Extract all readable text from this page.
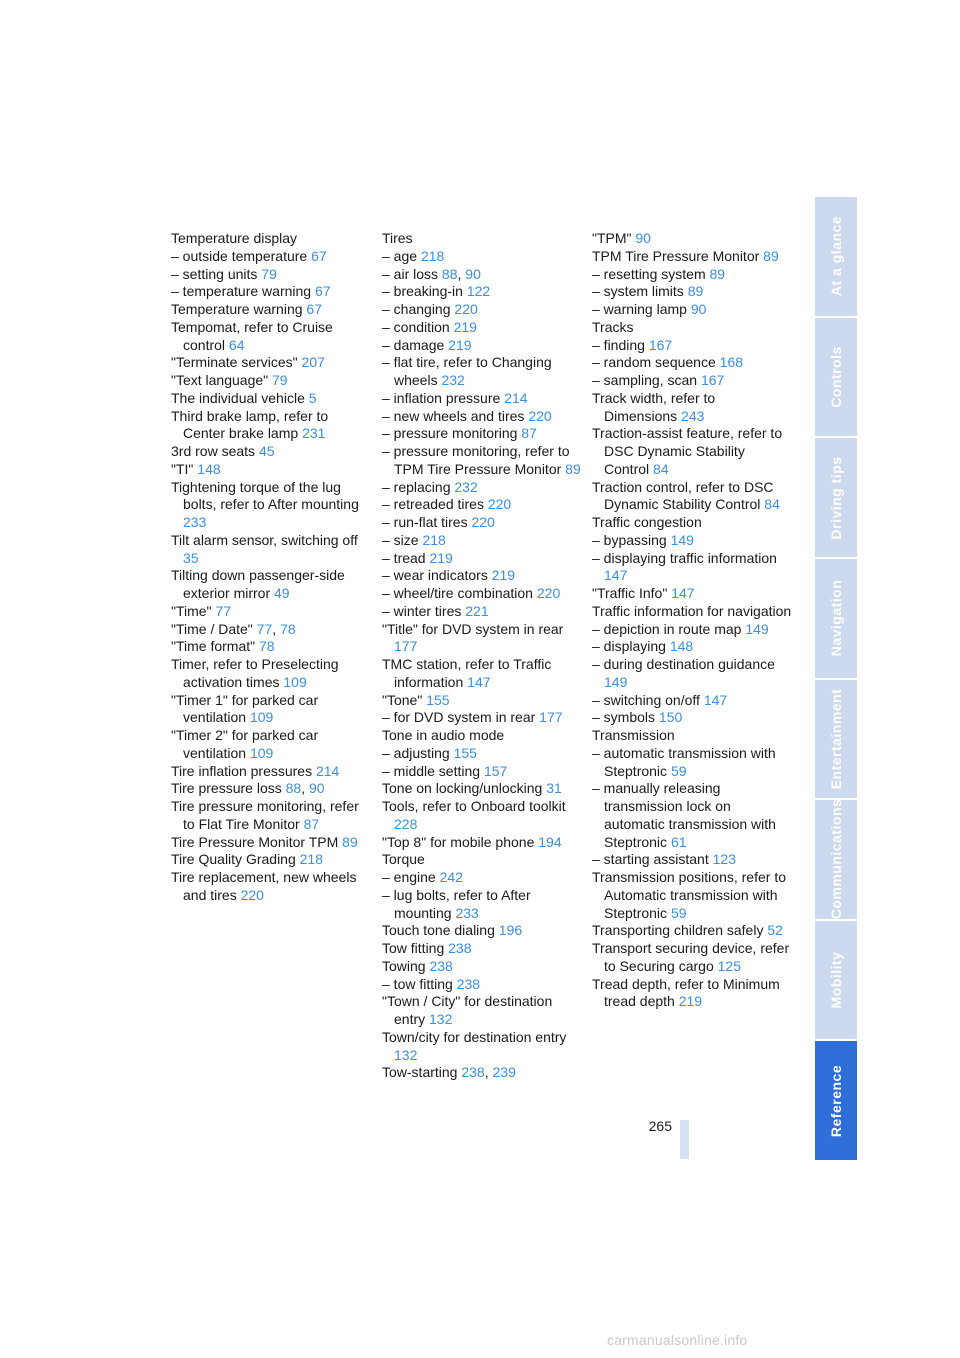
Temperature display
– outside temperature 67
– setting units 79
– temperature warning 67
Temperature warning 67
Tempomat, refer to Cruise control 64
"Terminate services" 207
"Text language" 79
The individual vehicle 5
Third brake lamp, refer to Center brake lamp 231
3rd row seats 45
"TI" 148
Tightening torque of the lug bolts, refer to After mounting 233
Tilt alarm sensor, switching off 35
Tilting down passenger-side exterior mirror 49
"Time" 77
"Time / Date" 77, 78
"Time format" 78
Timer, refer to Preselecting activation times 109
"Timer 1" for parked car ventilation 109
"Timer 2" for parked car ventilation 109
Tire inflation pressures 214
Tire pressure loss 88, 90
Tire pressure monitoring, refer to Flat Tire Monitor 87
Tire Pressure Monitor TPM 89
Tire Quality Grading 218
Tire replacement, new wheels and tires 220
Tires
– age 218
– air loss 88, 90
– breaking-in 122
– changing 220
– condition 219
– damage 219
– flat tire, refer to Changing wheels 232
– inflation pressure 214
– new wheels and tires 220
– pressure monitoring 87
– pressure monitoring, refer to TPM Tire Pressure Monitor 89
– replacing 232
– retreaded tires 220
– run-flat tires 220
– size 218
– tread 219
– wear indicators 219
– wheel/tire combination 220
– winter tires 221
"Title" for DVD system in rear 177
TMC station, refer to Traffic information 147
"Tone" 155
– for DVD system in rear 177
Tone in audio mode
– adjusting 155
– middle setting 157
Tone on locking/unlocking 31
Tools, refer to Onboard toolkit 228
"Top 8" for mobile phone 194
Torque
– engine 242
– lug bolts, refer to After mounting 233
Touch tone dialing 196
Tow fitting 238
Towing 238
– tow fitting 238
"Town / City" for destination entry 132
Town/city for destination entry 132
Tow-starting 238, 239
"TPM" 90
TPM Tire Pressure Monitor 89
– resetting system 89
– system limits 89
– warning lamp 90
Tracks
– finding 167
– random sequence 168
– sampling, scan 167
Track width, refer to Dimensions 243
Traction-assist feature, refer to DSC Dynamic Stability Control 84
Traction control, refer to DSC Dynamic Stability Control 84
Traffic congestion
– bypassing 149
– displaying traffic information 147
"Traffic Info" 147
Traffic information for navigation
– depiction in route map 149
– displaying 148
– during destination guidance 149
– switching on/off 147
– symbols 150
Transmission
– automatic transmission with Steptronic 59
– manually releasing transmission lock on automatic transmission with Steptronic 61
– starting assistant 123
Transmission positions, refer to Automatic transmission with Steptronic 59
Transporting children safely 52
Transport securing device, refer to Securing cargo 125
Tread depth, refer to Minimum tread depth 219
265
At a glance
Controls
Driving tips
Navigation
Entertainment
Communications
Mobility
Reference
carmanualsonline.info
